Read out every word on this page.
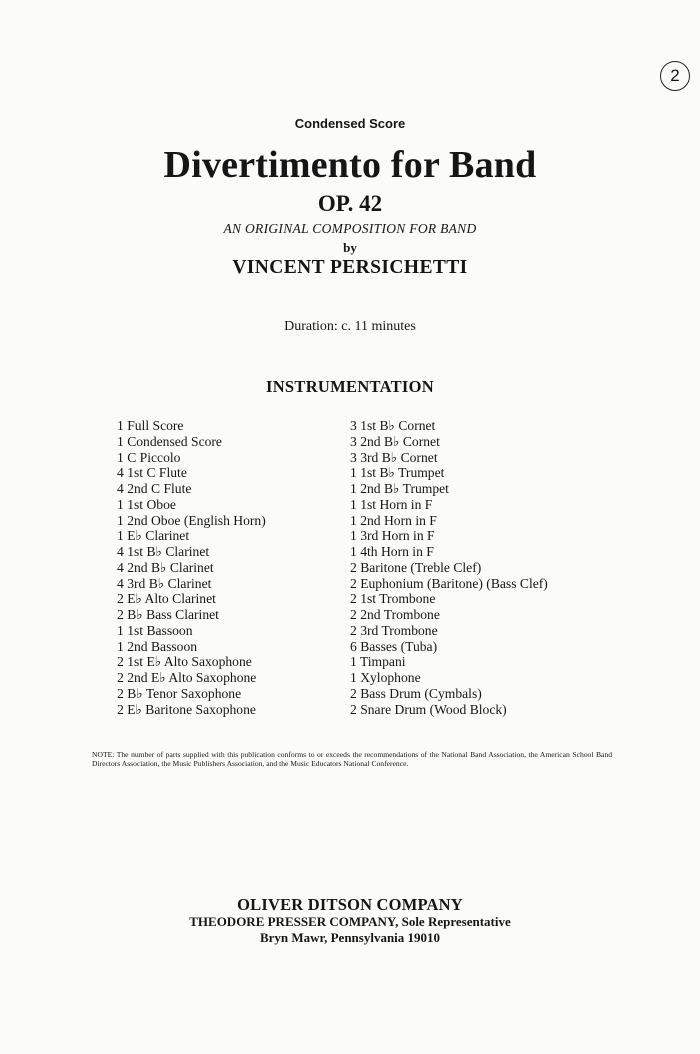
2
Condensed Score
Divertimento for Band
OP. 42
AN ORIGINAL COMPOSITION FOR BAND
by
VINCENT PERSICHETTI
Duration: c. 11 minutes
INSTRUMENTATION
1 Full Score
1 Condensed Score
1 C Piccolo
4 1st C Flute
4 2nd C Flute
1 1st Oboe
1 2nd Oboe (English Horn)
1 E♭ Clarinet
4 1st B♭ Clarinet
4 2nd B♭ Clarinet
4 3rd B♭ Clarinet
2 E♭ Alto Clarinet
2 B♭ Bass Clarinet
1 1st Bassoon
1 2nd Bassoon
2 1st E♭ Alto Saxophone
2 2nd E♭ Alto Saxophone
2 B♭ Tenor Saxophone
2 E♭ Baritone Saxophone
3 1st B♭ Cornet
3 2nd B♭ Cornet
3 3rd B♭ Cornet
1 1st B♭ Trumpet
1 2nd B♭ Trumpet
1 1st Horn in F
1 2nd Horn in F
1 3rd Horn in F
1 4th Horn in F
2 Baritone (Treble Clef)
2 Euphonium (Baritone) (Bass Clef)
2 1st Trombone
2 2nd Trombone
2 3rd Trombone
6 Basses (Tuba)
1 Timpani
1 Xylophone
2 Bass Drum (Cymbals)
2 Snare Drum (Wood Block)
NOTE: The number of parts supplied with this publication conforms to or exceeds the recommendations of the National Band Association, the American School Band Directors Association, the Music Publishers Association, and the Music Educators National Conference.
OLIVER DITSON COMPANY
THEODORE PRESSER COMPANY, Sole Representative
Bryn Mawr, Pennsylvania 19010
